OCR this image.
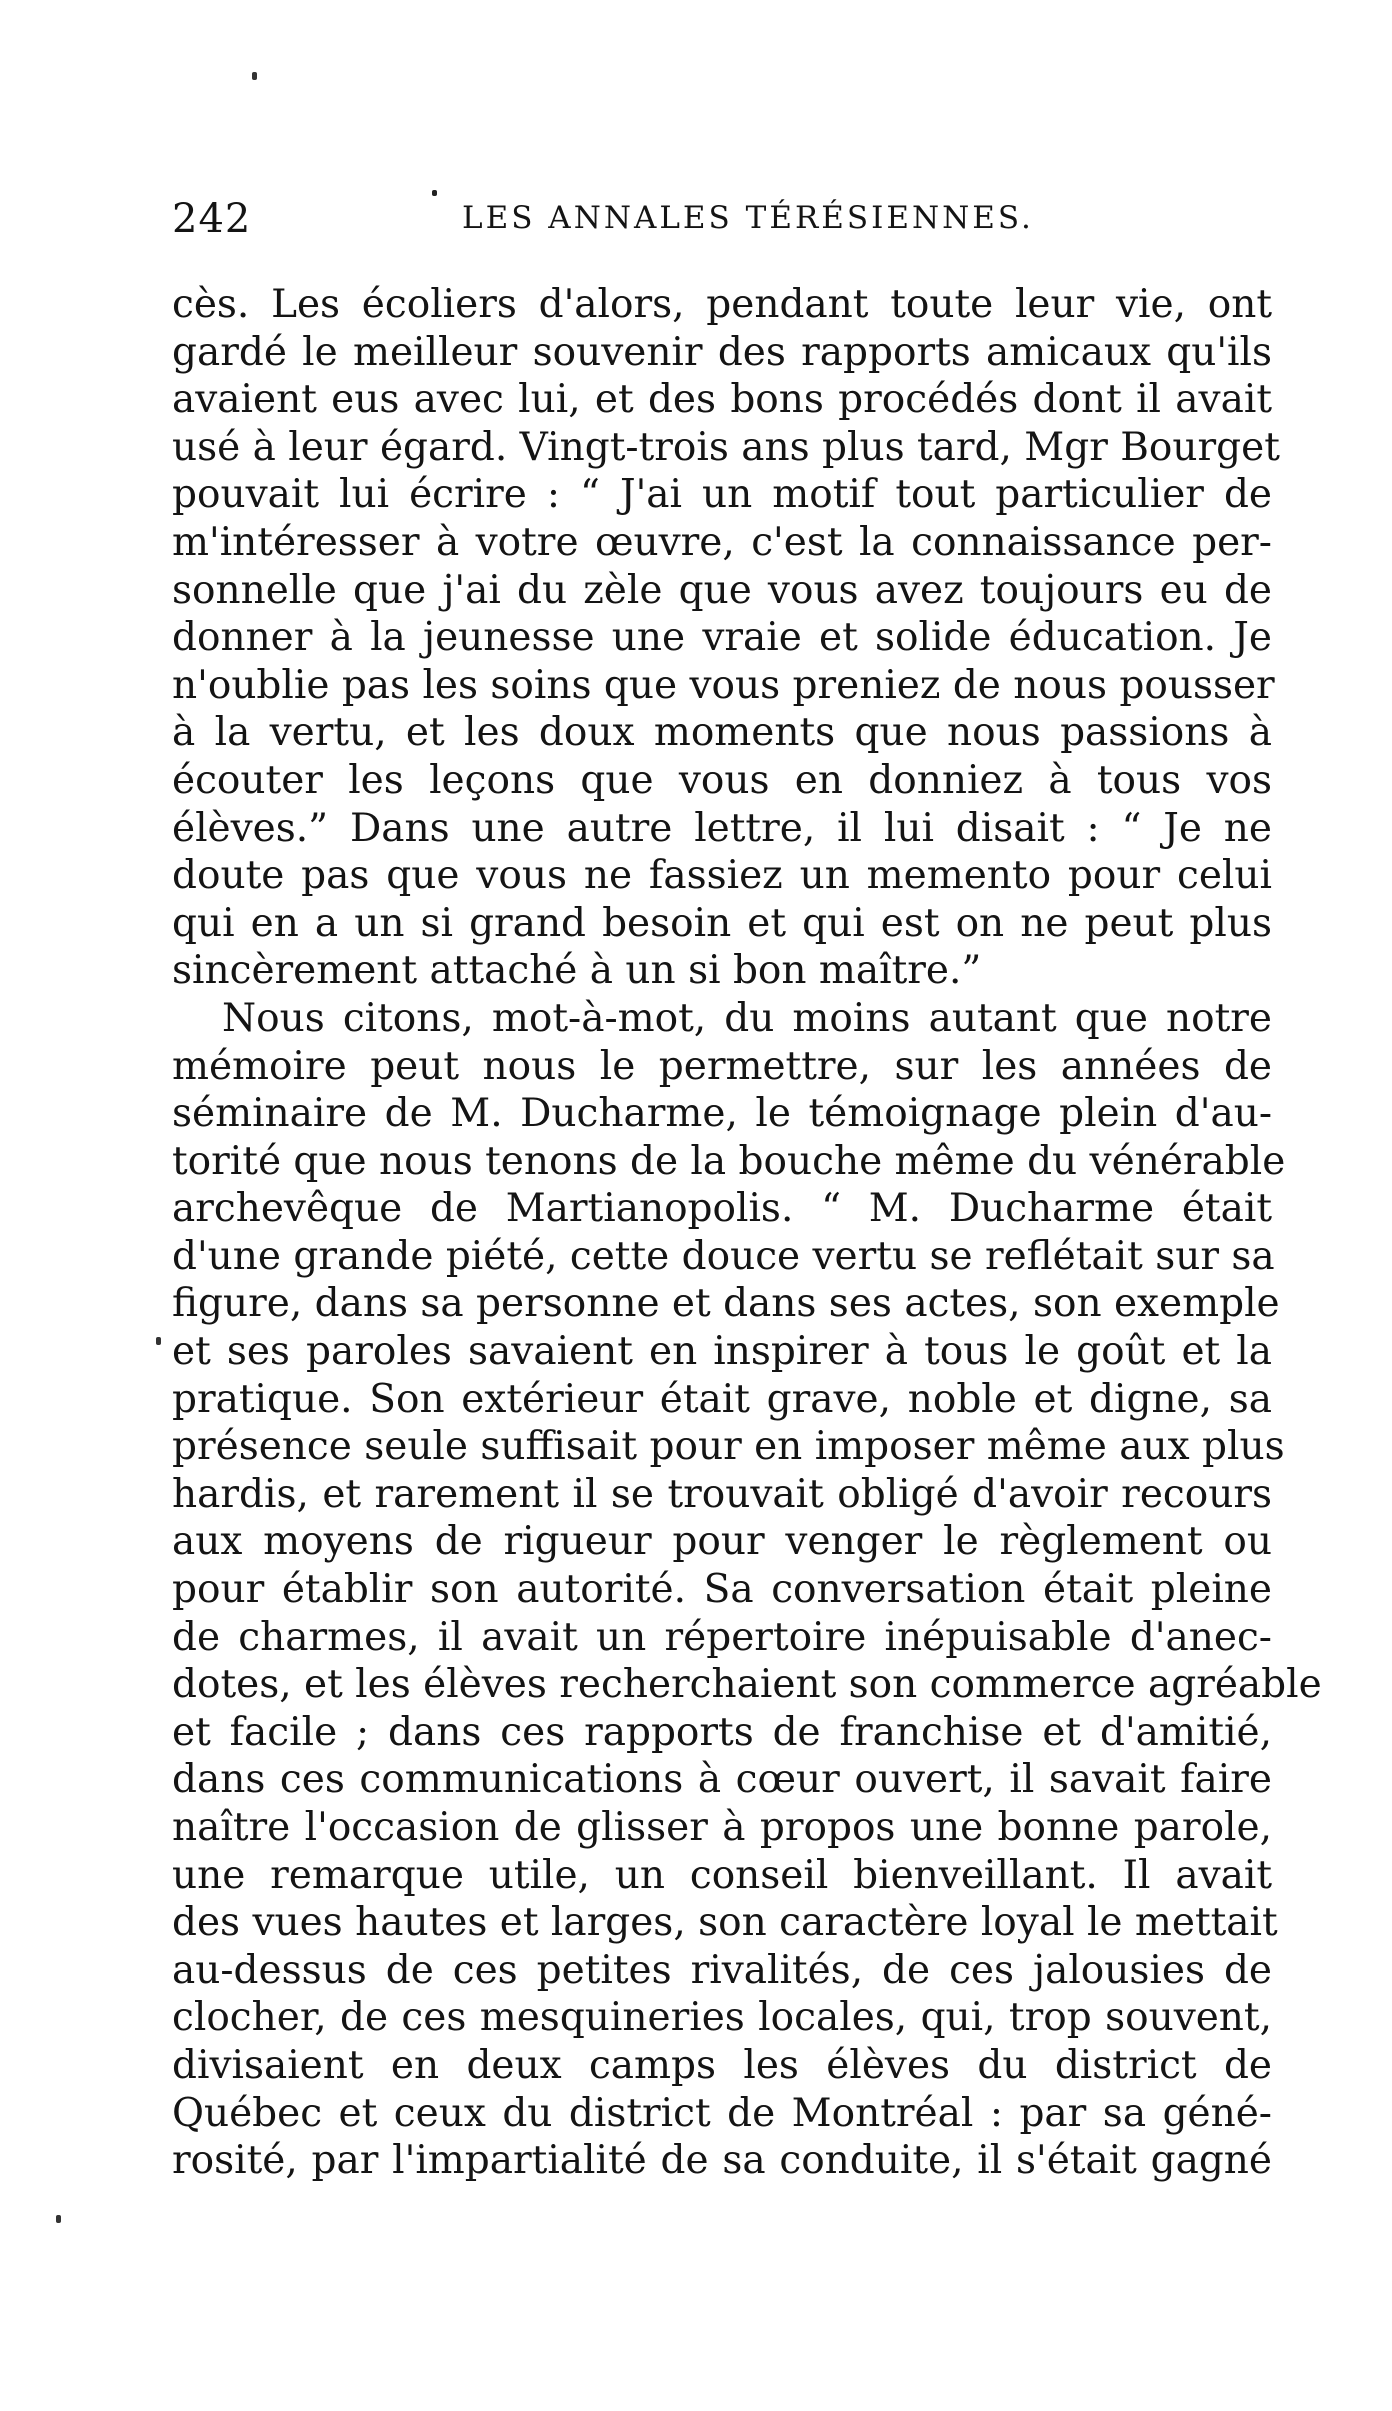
242	LES ANNALES TÉRÉSIENNES.
cès. Les écoliers d'alors, pendant toute leur vie, ont
gardé le meilleur souvenir des rapports amicaux qu'ils
avaient eus avec lui, et des bons procédés dont il avait
usé à leur égard. Vingt-trois ans plus tard, Mgr Bourget
pouvait lui écrire : “ J'ai un motif tout particulier de
m'intéresser à votre œuvre, c'est la connaissance per-
sonnelle que j'ai du zèle que vous avez toujours eu de
donner à la jeunesse une vraie et solide éducation. Je
n'oublie pas les soins que vous preniez de nous pousser
à la vertu, et les doux moments que nous passions à
écouter les leçons que vous en donniez à tous vos
élèves.” Dans une autre lettre, il lui disait : “ Je ne
doute pas que vous ne fassiez un memento pour celui
qui en a un si grand besoin et qui est on ne peut plus
sincèrement attaché à un si bon maître.”
Nous citons, mot-à-mot, du moins autant que notre
mémoire peut nous le permettre, sur les années de
séminaire de M. Ducharme, le témoignage plein d'au-
torité que nous tenons de la bouche même du vénérable
archevêque de Martianopolis. “ M. Ducharme était
d'une grande piété, cette douce vertu se reflétait sur sa
figure, dans sa personne et dans ses actes, son exemple
et ses paroles savaient en inspirer à tous le goût et la
pratique. Son extérieur était grave, noble et digne, sa
présence seule suffisait pour en imposer même aux plus
hardis, et rarement il se trouvait obligé d'avoir recours
aux moyens de rigueur pour venger le règlement ou
pour établir son autorité. Sa conversation était pleine
de charmes, il avait un répertoire inépuisable d'anec-
dotes, et les élèves recherchaient son commerce agréable
et facile ; dans ces rapports de franchise et d'amitié,
dans ces communications à cœur ouvert, il savait faire
naître l'occasion de glisser à propos une bonne parole,
une remarque utile, un conseil bienveillant. Il avait
des vues hautes et larges, son caractère loyal le mettait
au-dessus de ces petites rivalités, de ces jalousies de
clocher, de ces mesquineries locales, qui, trop souvent,
divisaient en deux camps les élèves du district de
Québec et ceux du district de Montréal : par sa géné-
rosité, par l'impartialité de sa conduite, il s'était gagné
